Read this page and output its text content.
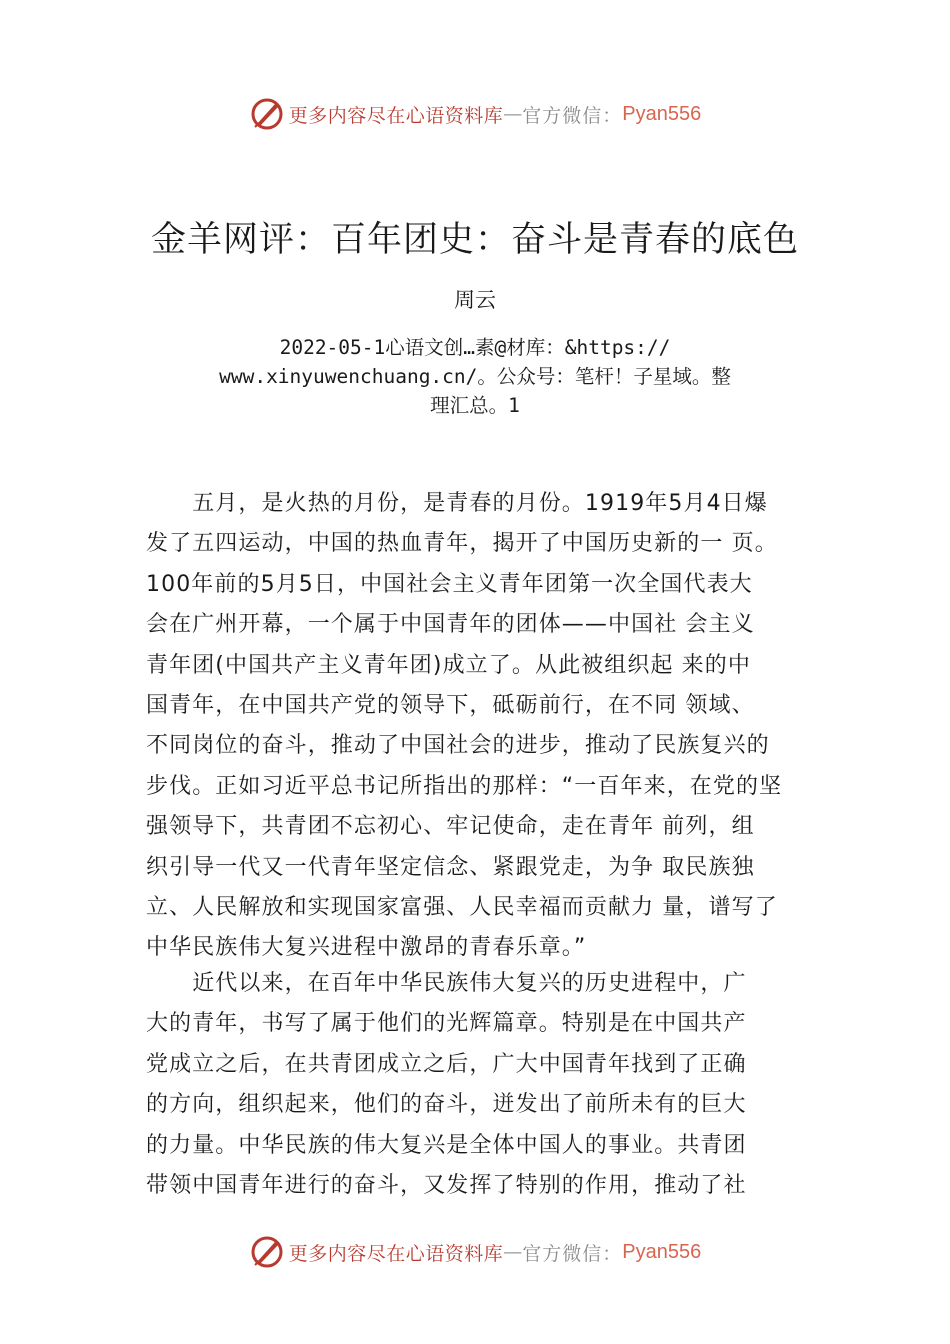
更多内容尽在心语资料库 — 官方微信： Pyan556
金羊网评：百年团史：奋斗是青春的底色
周云
2022-05-1心语文创…素@材库：&https://
www.xinyuwenchuang.cn/。公众号：笔杆！子星域。整
理汇总。1
　　五月，是火热的月份，是青春的月份。1919年5月4日爆
发了五四运动，中国的热血青年，揭开了中国历史新的一 页。
100年前的5月5日，中国社会主义青年团第一次全国代表大
会在广州开幕，一个属于中国青年的团体——中国社 会主义
青年团(中国共产主义青年团)成立了。从此被组织起 来的中
国青年，在中国共产党的领导下，砥砺前行，在不同 领域、
不同岗位的奋斗，推动了中国社会的进步，推动了民族复兴的
步伐。正如习近平总书记所指出的那样：“一百年来，在党的坚
强领导下，共青团不忘初心、牢记使命，走在青年 前列，组
织引导一代又一代青年坚定信念、紧跟党走，为争 取民族独
立、人民解放和实现国家富强、人民幸福而贡献力 量，谱写了
中华民族伟大复兴进程中激昂的青春乐章。”
　　近代以来，在百年中华民族伟大复兴的历史进程中，广
大的青年，书写了属于他们的光辉篇章。特别是在中国共产
党成立之后，在共青团成立之后，广大中国青年找到了正确
的方向，组织起来，他们的奋斗，迸发出了前所未有的巨大
的力量。中华民族的伟大复兴是全体中国人的事业。共青团
带领中国青年进行的奋斗，又发挥了特别的作用，推动了社
更多内容尽在心语资料库 — 官方微信： Pyan556
